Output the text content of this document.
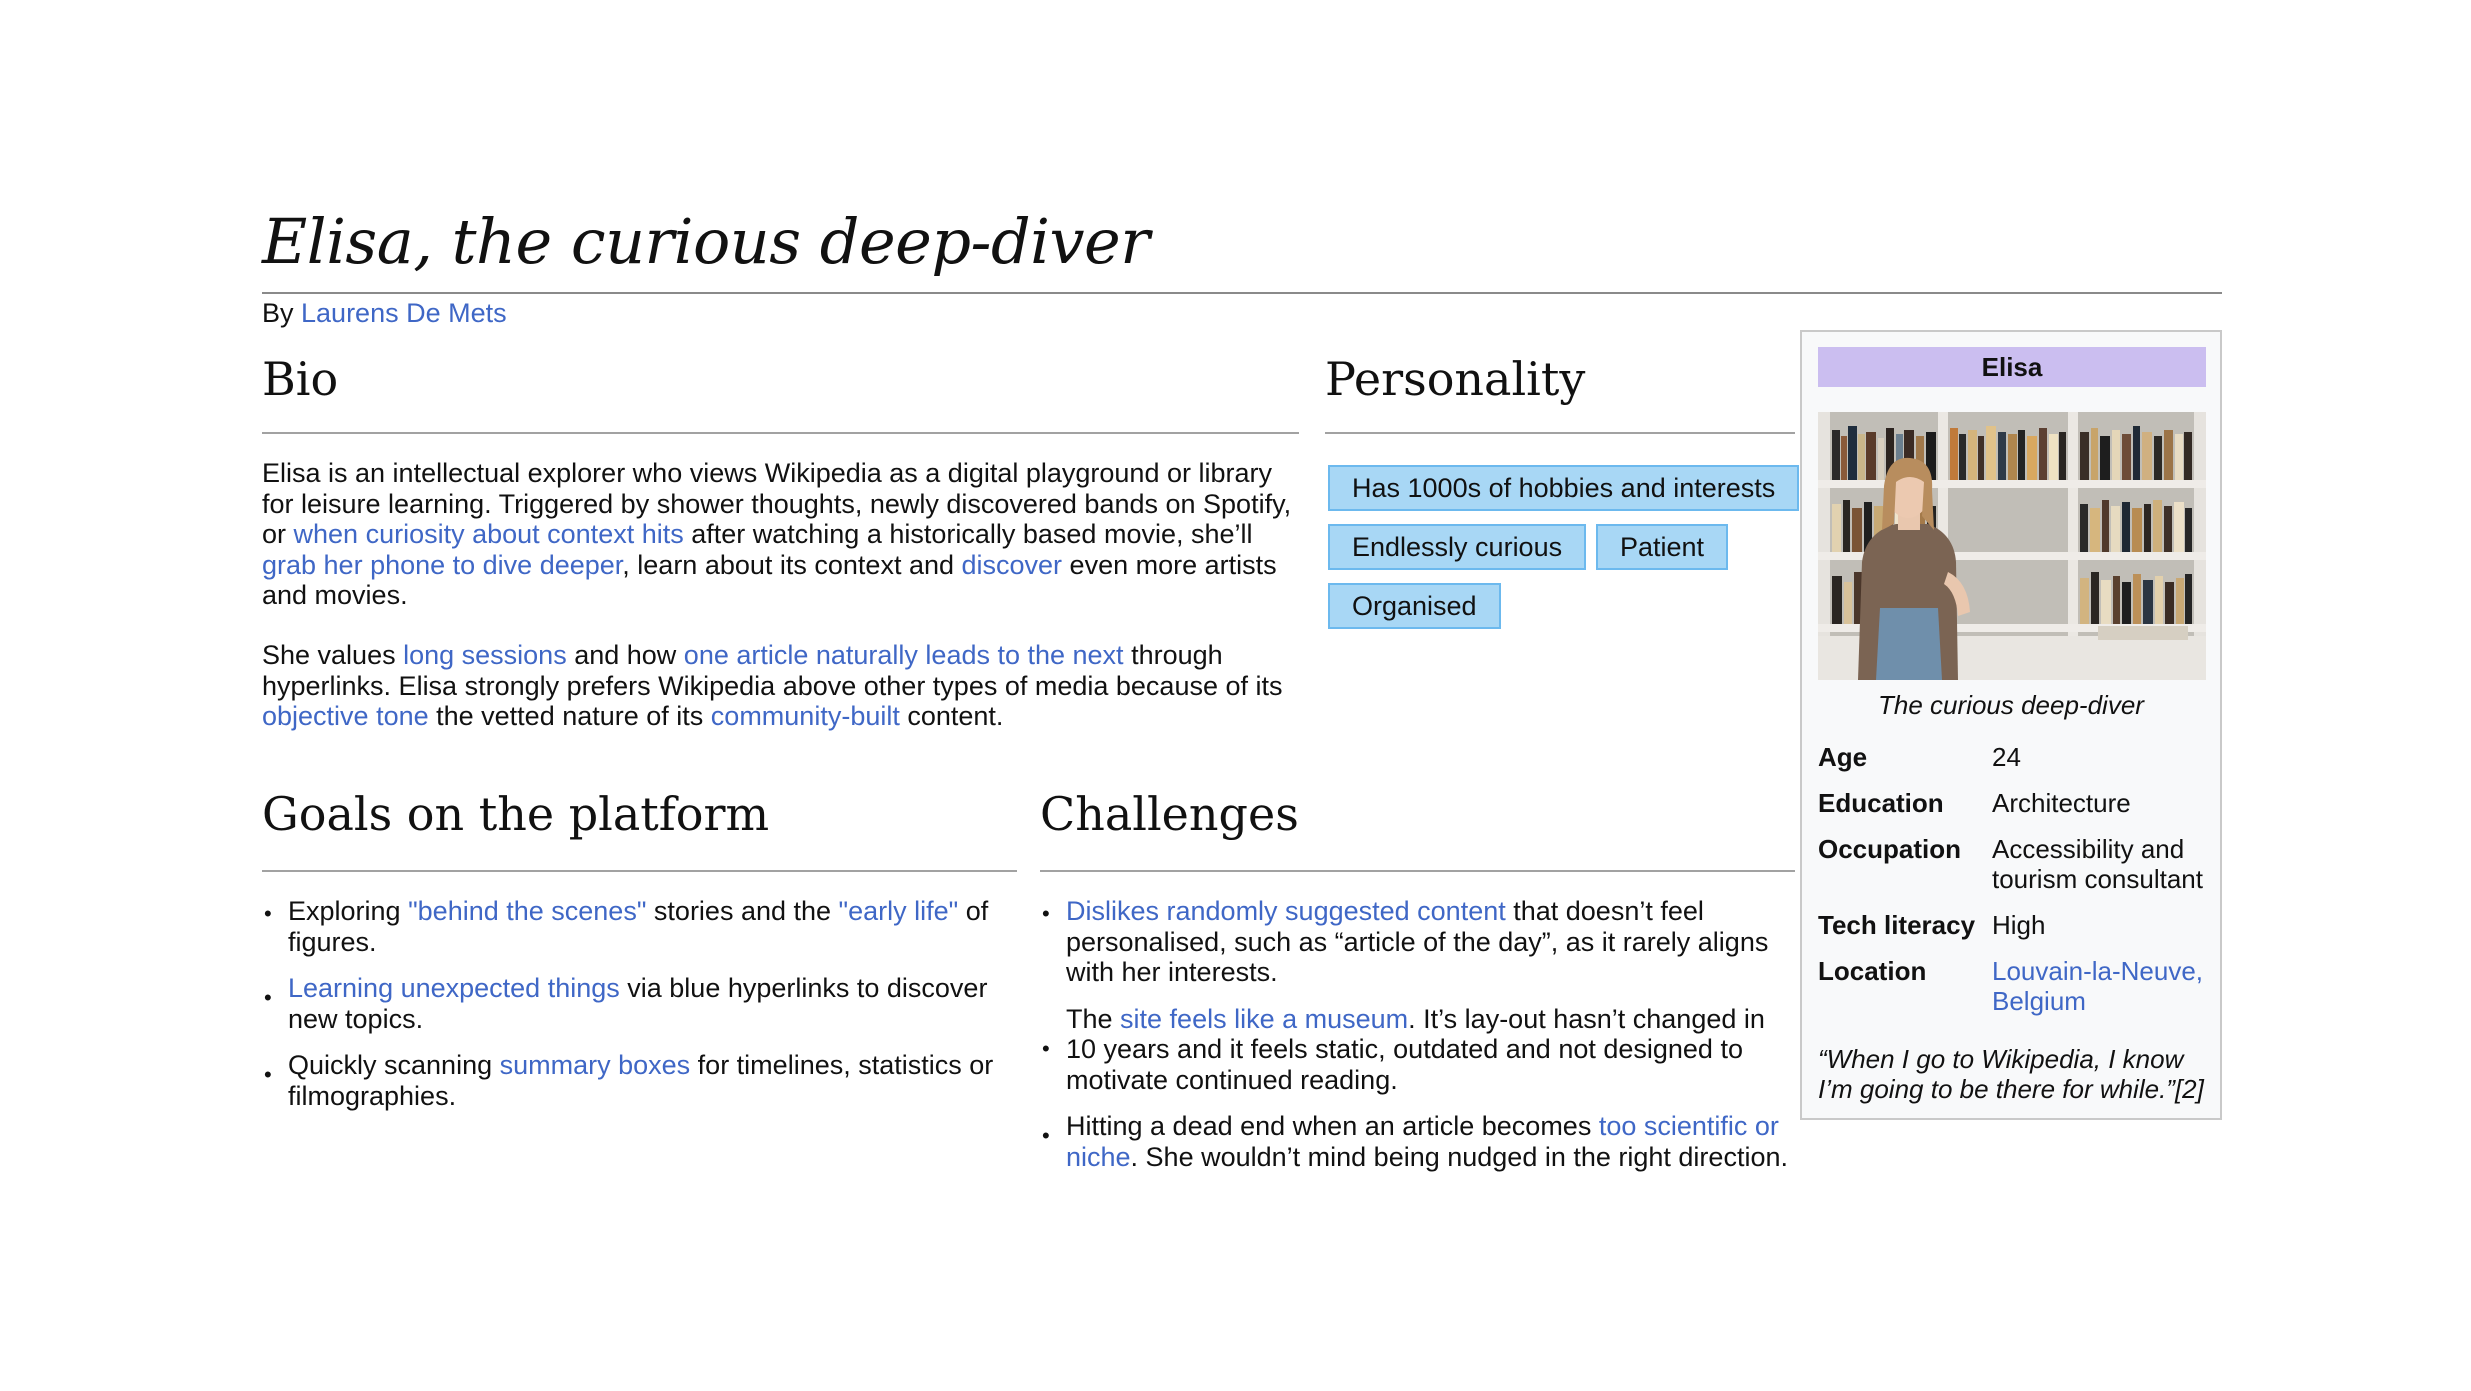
Elisa, the curious deep-diver
By Laurens De Mets
Bio

Elisa is an intellectual explorer who views Wikipedia as a digital playground or library for leisure learning. Triggered by shower thoughts, newly discovered bands on Spotify, or when curiosity about context hits after watching a historically based movie, she’ll grab her phone to dive deeper, learn about its context and discover even more artists and movies.

She values long sessions and how one article naturally leads to the next through hyperlinks. Elisa strongly prefers Wikipedia above other types of media because of its objective tone the vetted nature of its community-built content.

Personality
Has 1000s of hobbies and interests
Endlessly curious	Patient
Organised
Goals on the platform
• Exploring "behind the scenes" stories and the "early life" of figures.
• Learning unexpected things via blue hyperlinks to discover new topics.
• Quickly scanning summary boxes for timelines, statistics or filmographies.
Challenges
• Dislikes randomly suggested content that doesn’t feel personalised, such as “article of the day”, as it rarely aligns with her interests.
•
The site feels like a museum. It’s lay-out hasn’t changed in 10 years and it feels static, outdated and not designed to motivate continued reading.
• Hitting a dead end when an article becomes too scientific or niche. She wouldn’t mind being nudged in the right direction.
Elisa
The curious deep-diver
Age	24
Education	Architecture
Occupation	Accessibility and tourism consultant
Tech literacy High
Location	Louvain-la-Neuve, Belgium
“When I go to Wikipedia, I know I’m going to be there for while.”[2]
